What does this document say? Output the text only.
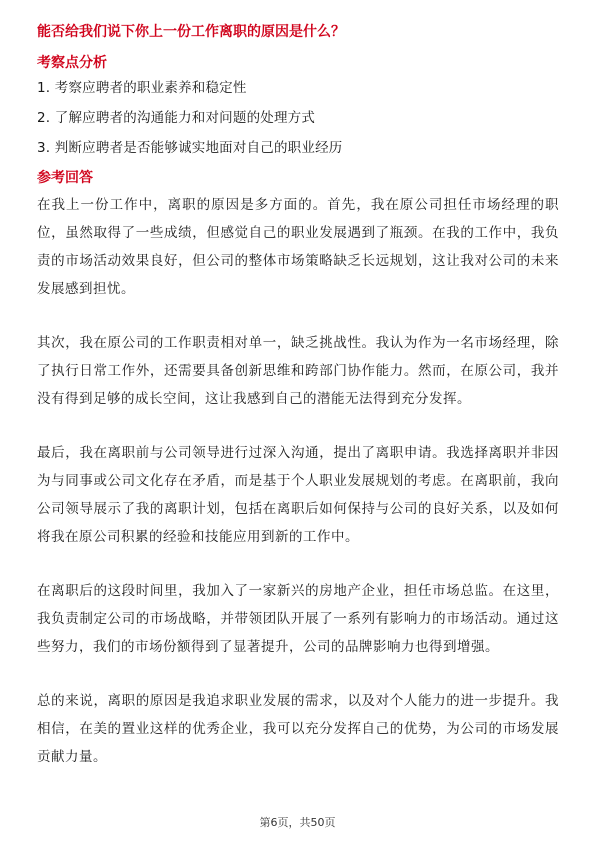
能否给我们说下你上一份工作离职的原因是什么？
考察点分析
1. 考察应聘者的职业素养和稳定性
2. 了解应聘者的沟通能力和对问题的处理方式
3. 判断应聘者是否能够诚实地面对自己的职业经历
参考回答

在我上一份工作中，离职的原因是多方面的。首先，我在原公司担任市场经理的职位，虽然取得了一些成绩，但感觉自己的职业发展遇到了瓶颈。在我的工作中，我负责的市场活动效果良好，但公司的整体市场策略缺乏长远规划，这让我对公司的未来发展感到担忧。

其次，我在原公司的工作职责相对单一，缺乏挑战性。我认为作为一名市场经理，除了执行日常工作外，还需要具备创新思维和跨部门协作能力。然而，在原公司，我并没有得到足够的成长空间，这让我感到自己的潜能无法得到充分发挥。

最后，我在离职前与公司领导进行过深入沟通，提出了离职申请。我选择离职并非因为与同事或公司文化存在矛盾，而是基于个人职业发展规划的考虑。在离职前，我向公司领导展示了我的离职计划，包括在离职后如何保持与公司的良好关系，以及如何将我在原公司积累的经验和技能应用到新的工作中。

在离职后的这段时间里，我加入了一家新兴的房地产企业，担任市场总监。在这里，我负责制定公司的市场战略，并带领团队开展了一系列有影响力的市场活动。通过这些努力，我们的市场份额得到了显著提升，公司的品牌影响力也得到增强。

总的来说，离职的原因是我追求职业发展的需求，以及对个人能力的进一步提升。我相信，在美的置业这样的优秀企业，我可以充分发挥自己的优势，为公司的市场发展贡献力量。

第6页，共50页
